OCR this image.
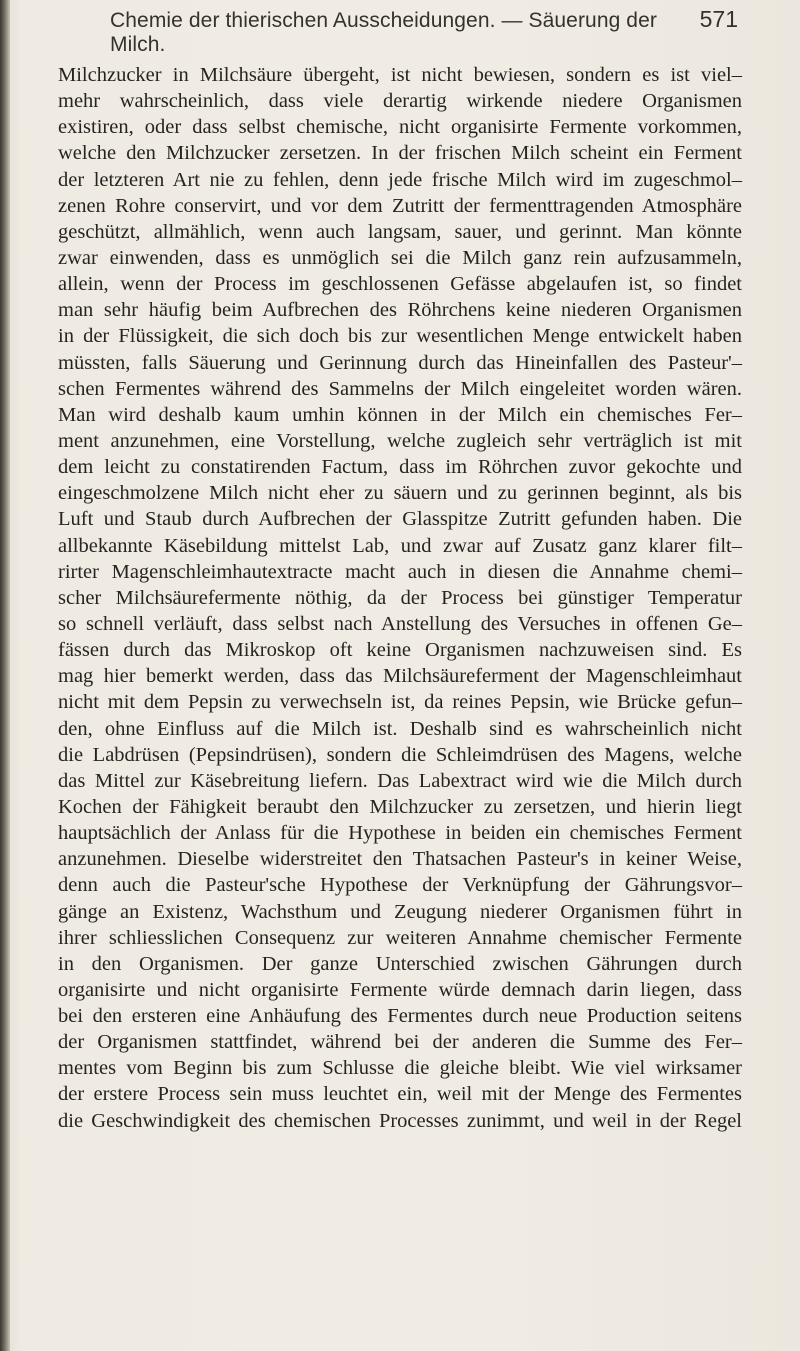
Chemie der thierischen Ausscheidungen. — Säuerung der Milch.
571
Milchzucker in Milchsäure übergeht, ist nicht bewiesen, sondern es ist viel–
mehr wahrscheinlich, dass viele derartig wirkende niedere Organismen
existiren, oder dass selbst chemische, nicht organisirte Fermente vorkommen,
welche den Milchzucker zersetzen. In der frischen Milch scheint ein Ferment
der letzteren Art nie zu fehlen, denn jede frische Milch wird im zugeschmol–
zenen Rohre conservirt, und vor dem Zutritt der fermenttragenden Atmosphäre
geschützt, allmählich, wenn auch langsam, sauer, und gerinnt. Man könnte
zwar einwenden, dass es unmöglich sei die Milch ganz rein aufzusammeln,
allein, wenn der Process im geschlossenen Gefässe abgelaufen ist, so findet
man sehr häufig beim Aufbrechen des Röhrchens keine niederen Organismen
in der Flüssigkeit, die sich doch bis zur wesentlichen Menge entwickelt haben
müssten, falls Säuerung und Gerinnung durch das Hineinfallen des Pasteur'–
schen Fermentes während des Sammelns der Milch eingeleitet worden wären.
Man wird deshalb kaum umhin können in der Milch ein chemisches Fer–
ment anzunehmen, eine Vorstellung, welche zugleich sehr verträglich ist mit
dem leicht zu constatirenden Factum, dass im Röhrchen zuvor gekochte und
eingeschmolzene Milch nicht eher zu säuern und zu gerinnen beginnt, als bis
Luft und Staub durch Aufbrechen der Glasspitze Zutritt gefunden haben. Die
allbekannte Käsebildung mittelst Lab, und zwar auf Zusatz ganz klarer filt–
rirter Magenschleimhautextracte macht auch in diesen die Annahme chemi–
scher Milchsäurefermente nöthig, da der Process bei günstiger Temperatur
so schnell verläuft, dass selbst nach Anstellung des Versuches in offenen Ge–
fässen durch das Mikroskop oft keine Organismen nachzuweisen sind. Es
mag hier bemerkt werden, dass das Milchsäureferment der Magenschleimhaut
nicht mit dem Pepsin zu verwechseln ist, da reines Pepsin, wie Brücke gefun–
den, ohne Einfluss auf die Milch ist. Deshalb sind es wahrscheinlich nicht
die Labdrüsen (Pepsindrüsen), sondern die Schleimdrüsen des Magens, welche
das Mittel zur Käsebreitung liefern. Das Labextract wird wie die Milch durch
Kochen der Fähigkeit beraubt den Milchzucker zu zersetzen, und hierin liegt
hauptsächlich der Anlass für die Hypothese in beiden ein chemisches Ferment
anzunehmen. Dieselbe widerstreitet den Thatsachen Pasteur's in keiner Weise,
denn auch die Pasteur'sche Hypothese der Verknüpfung der Gährungsvor–
gänge an Existenz, Wachsthum und Zeugung niederer Organismen führt in
ihrer schliesslichen Consequenz zur weiteren Annahme chemischer Fermente
in den Organismen. Der ganze Unterschied zwischen Gährungen durch
organisirte und nicht organisirte Fermente würde demnach darin liegen, dass
bei den ersteren eine Anhäufung des Fermentes durch neue Production seitens
der Organismen stattfindet, während bei der anderen die Summe des Fer–
mentes vom Beginn bis zum Schlusse die gleiche bleibt. Wie viel wirksamer
der erstere Process sein muss leuchtet ein, weil mit der Menge des Fermentes
die Geschwindigkeit des chemischen Processes zunimmt, und weil in der Regel
